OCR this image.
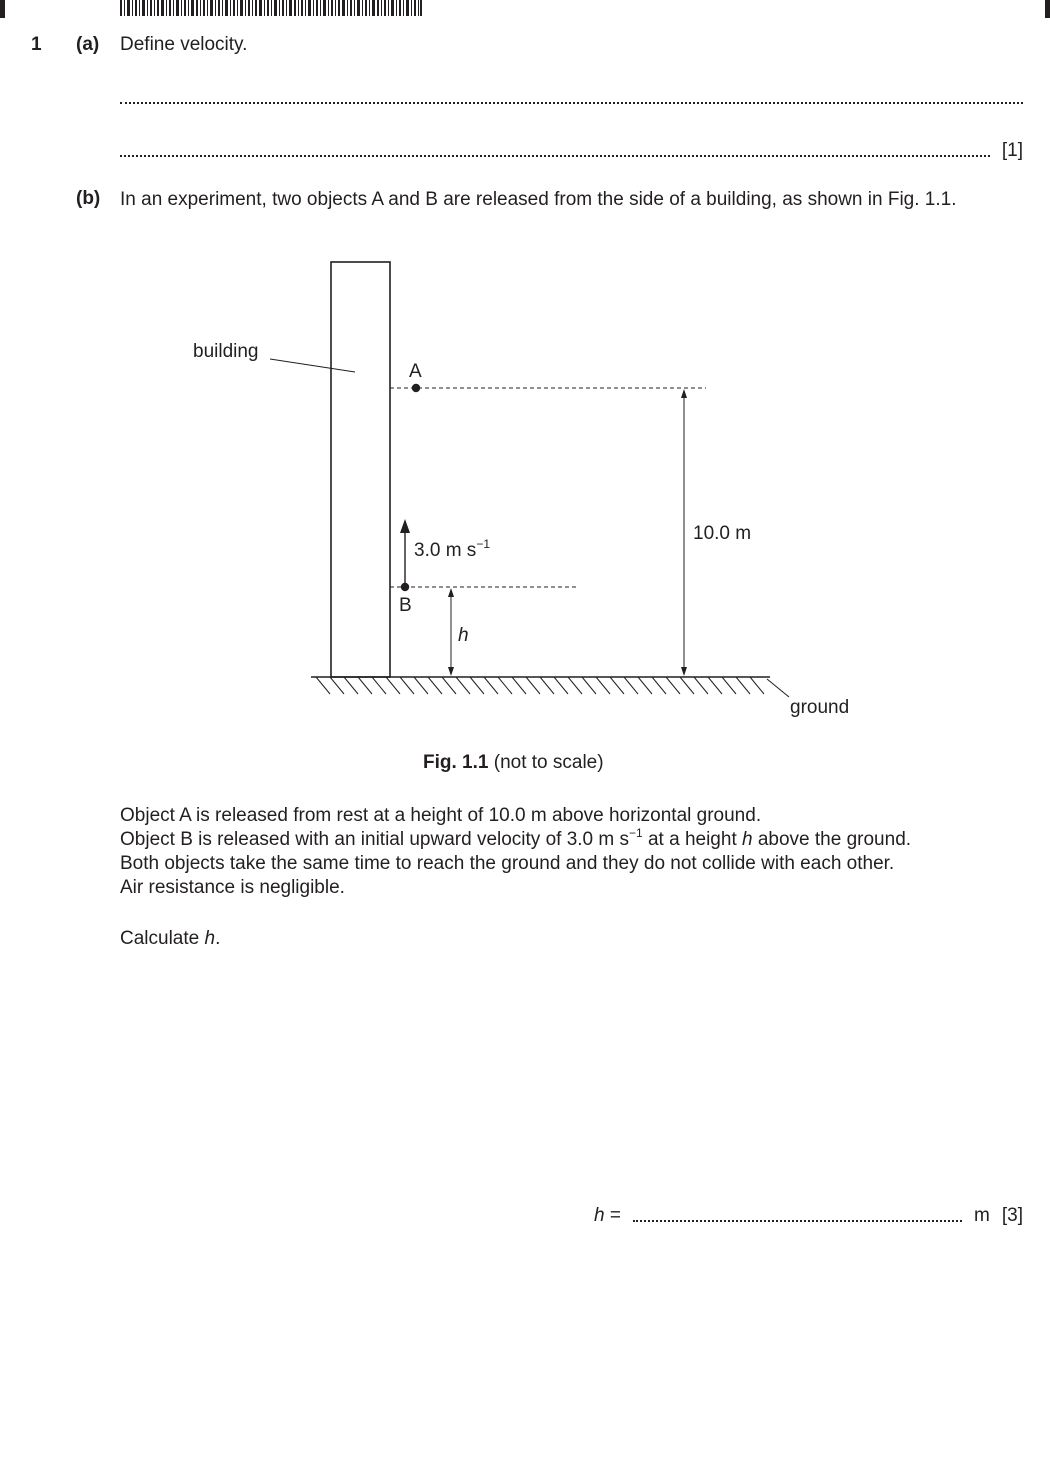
1 (a) Define velocity.
[1]
(b) In an experiment, two objects A and B are released from the side of a building, as shown in Fig. 1.1.
building
A
B
3.0 m $s^{-1}$	10.0 m
h
ground
Fig. 1.1 (not to scale)
Object A is released from rest at a height of 10.0 m above horizontal ground.
Object B is released with an initial upward velocity of 3.0 m $s^{-1}$ at a height h above the ground.
Both objects take the same time to reach the ground and they do not collide with each other.
Air resistance is negligible.
Calculate h.
h =	m [3]
